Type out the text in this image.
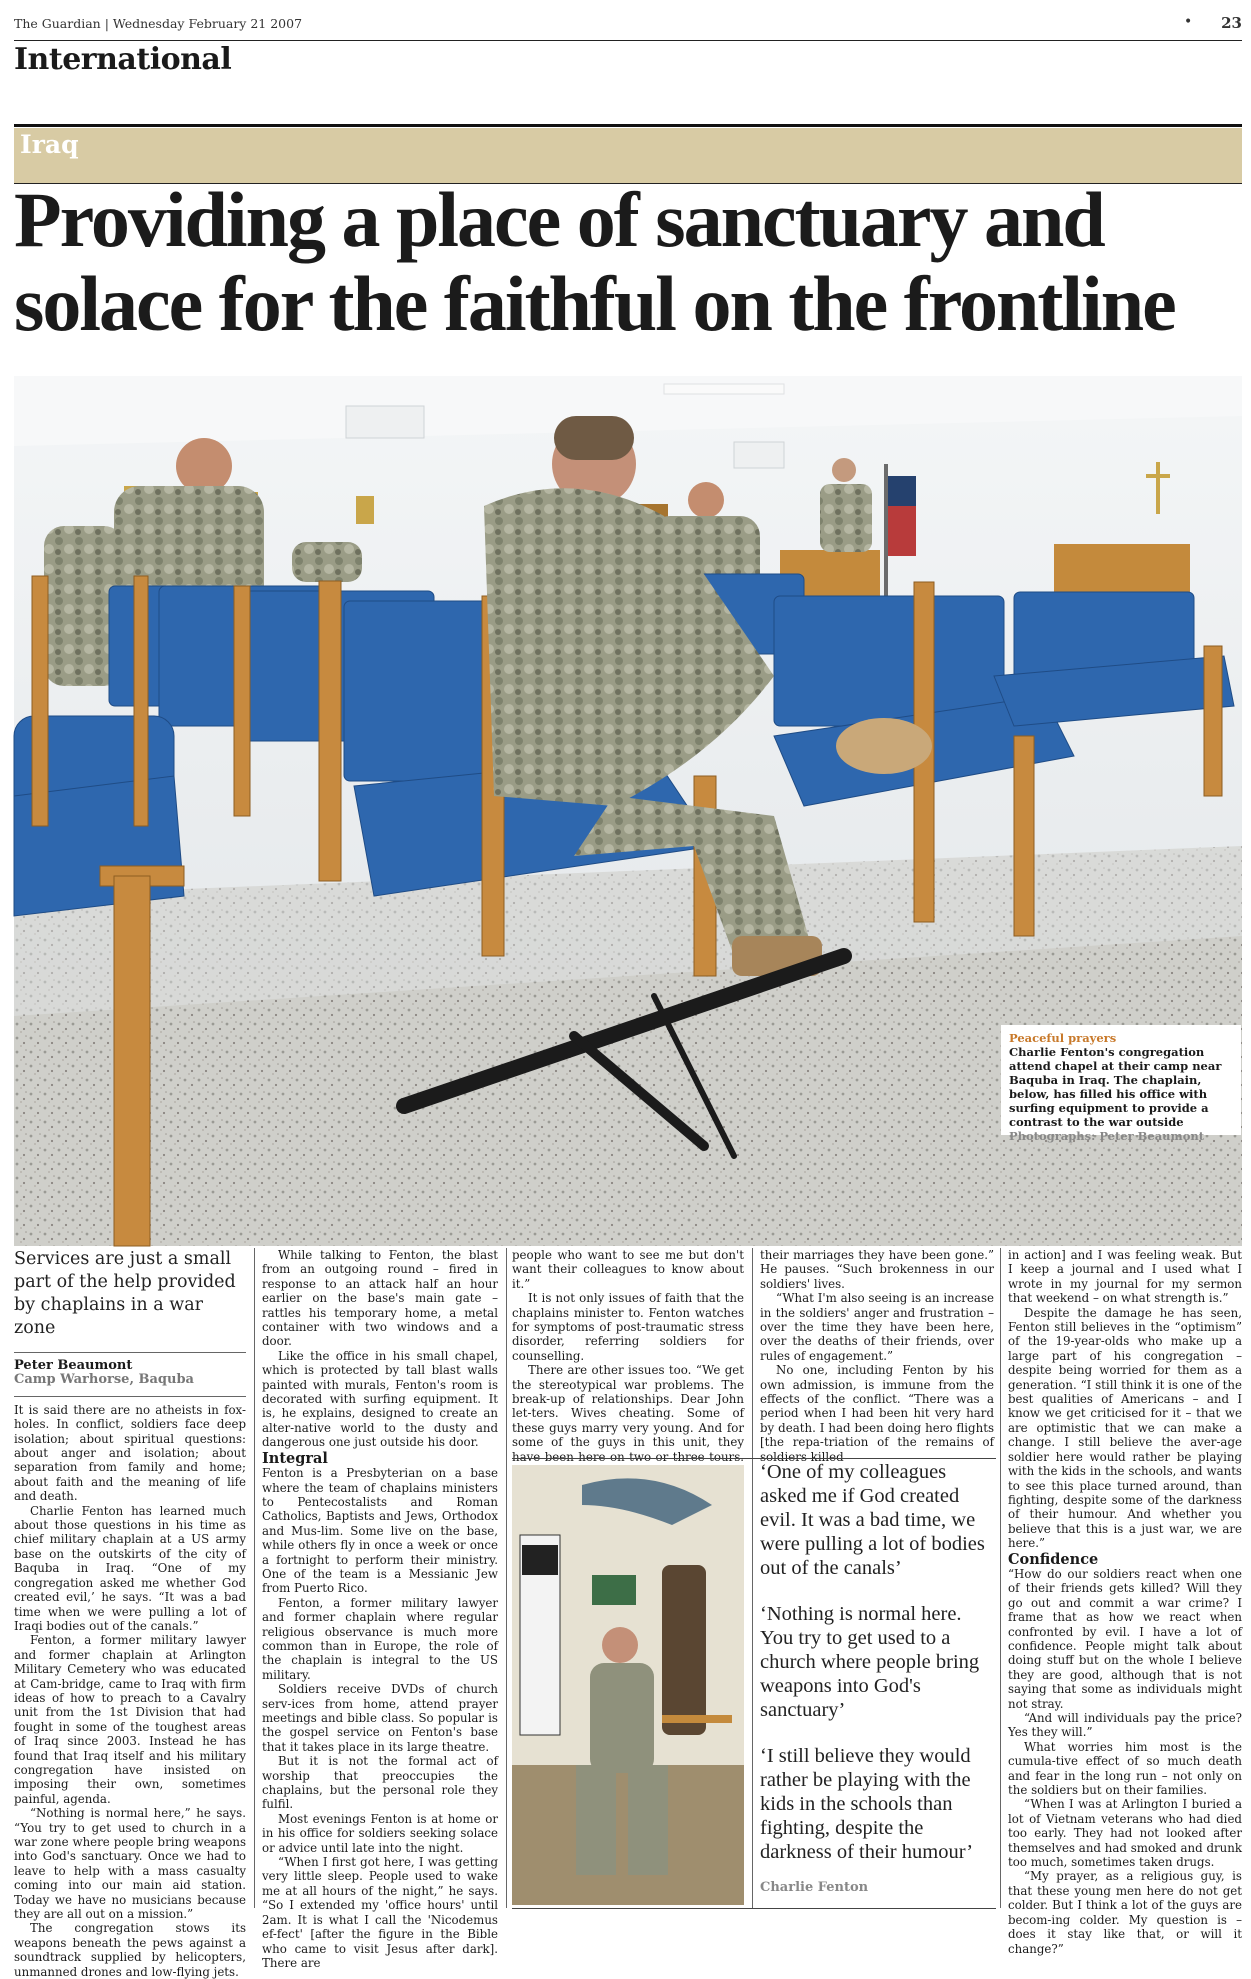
The Guardian | Wednesday February 21 2007	• 23
International
Iraq
Providing a place of sanctuary and solace for the faithful on the frontline
Peaceful prayers
Charlie Fenton's congregation attend chapel at their camp near Baquba in Iraq. The chaplain, below, has filled his office with surfing equipment to provide a contrast to the war outside
Photographs: Peter Beaumont
Services are just a small part of the help provided by chaplains in a war zone
Peter Beaumont
Camp Warhorse, Baquba

It is said there are no atheists in fox-holes. In conflict, soldiers face deep isolation; about spiritual questions: about anger and isolation; about separation from family and home; about faith and the meaning of life and death.

Charlie Fenton has learned much about those questions in his time as chief military chaplain at a US army base on the outskirts of the city of Baquba in Iraq. “One of my congregation asked me whether God created evil,’ he says. “It was a bad time when we were pulling a lot of Iraqi bodies out of the canals.”

Fenton, a former military lawyer and former chaplain at Arlington Military Cemetery who was educated at Cam-bridge, came to Iraq with firm ideas of how to preach to a Cavalry unit from the 1st Division that had fought in some of the toughest areas of Iraq since 2003. Instead he has found that Iraq itself and his military congregation have insisted on imposing their own, sometimes painful, agenda.

“Nothing is normal here,” he says. “You try to get used to church in a war zone where people bring weapons into God's sanctuary. Once we had to leave to help with a mass casualty coming into our main aid station. Today we have no musicians because they are all out on a mission.”

The congregation stows its weapons beneath the pews against a soundtrack supplied by helicopters, unmanned drones and low-flying jets.

While talking to Fenton, the blast from an outgoing round – fired in response to an attack half an hour earlier on the base's main gate – rattles his temporary home, a metal container with two windows and a door.

Like the office in his small chapel, which is protected by tall blast walls painted with murals, Fenton's room is decorated with surfing equipment. It is, he explains, designed to create an alter-native world to the dusty and dangerous one just outside his door.

Integral

Fenton is a Presbyterian on a base where the team of chaplains ministers to Pentecostalists and Roman Catholics, Baptists and Jews, Orthodox and Mus-lim. Some live on the base, while others fly in once a week or once a fortnight to perform their ministry. One of the team is a Messianic Jew from Puerto Rico.

Fenton, a former military lawyer and former chaplain where regular religious observance is much more common than in Europe, the role of the chaplain is integral to the US military.

Soldiers receive DVDs of church serv-ices from home, attend prayer meetings and bible class. So popular is the gospel service on Fenton's base that it takes place in its large theatre.

But it is not the formal act of worship that preoccupies the chaplains, but the personal role they fulfil.

Most evenings Fenton is at home or in his office for soldiers seeking solace or advice until late into the night.

“When I first got here, I was getting very little sleep. People used to wake me at all hours of the night,” he says. “So I extended my 'office hours' until 2am. It is what I call the 'Nicodemus ef-fect' [after the figure in the Bible who came to visit Jesus after dark]. There are

people who want to see me but don't want their colleagues to know about it.”

It is not only issues of faith that the chaplains minister to. Fenton watches for symptoms of post-traumatic stress disorder, referring soldiers for counselling.

There are other issues too. “We get the stereotypical war problems. The break-up of relationships. Dear John let-ters. Wives cheating. Some of these guys marry very young. And for some of the guys in this unit, they have been here on two or three tours.

their marriages they have been gone.” He pauses. “Such brokenness in our soldiers' lives.

“What I'm also seeing is an increase in the soldiers' anger and frustration – over the time they have been here, over the deaths of their friends, over rules of engagement.”

No one, including Fenton by his own admission, is immune from the effects of the conflict. “There was a period when I had been hit very hard by death. I had been doing hero flights [the repa-triation of the remains of soldiers killed

‘One of my colleagues asked me if God created evil. It was a bad time, we were pulling a lot of bodies out of the canals’

‘Nothing is normal here. You try to get used to a church where people bring weapons into God's sanctuary’

‘I still believe they would rather be playing with the kids in the schools than fighting, despite the darkness of their humour’

Charlie Fenton

in action] and I was feeling weak. But I keep a journal and I used what I wrote in my journal for my sermon that weekend – on what strength is.”

Despite the damage he has seen, Fenton still believes in the “optimism” of the 19-year-olds who make up a large part of his congregation – despite being worried for them as a generation. “I still think it is one of the best qualities of Americans – and I know we get criticised for it – that we are optimistic that we can make a change. I still believe the aver-age soldier here would rather be playing with the kids in the schools, and wants to see this place turned around, than fighting, despite some of the darkness of their humour. And whether you believe that this is a just war, we are here.”

Confidence

“How do our soldiers react when one of their friends gets killed? Will they go out and commit a war crime? I frame that as how we react when confronted by evil. I have a lot of confidence. People might talk about doing stuff but on the whole I believe they are good, although that is not saying that some as individuals might not stray.

“And will individuals pay the price? Yes they will.”

What worries him most is the cumula-tive effect of so much death and fear in the long run – not only on the soldiers but on their families.

“When I was at Arlington I buried a lot of Vietnam veterans who had died too early. They had not looked after themselves and had smoked and drunk too much, sometimes taken drugs.

“My prayer, as a religious guy, is that these young men here do not get colder. But I think a lot of the guys are becom-ing colder. My question is – does it stay like that, or will it change?”
